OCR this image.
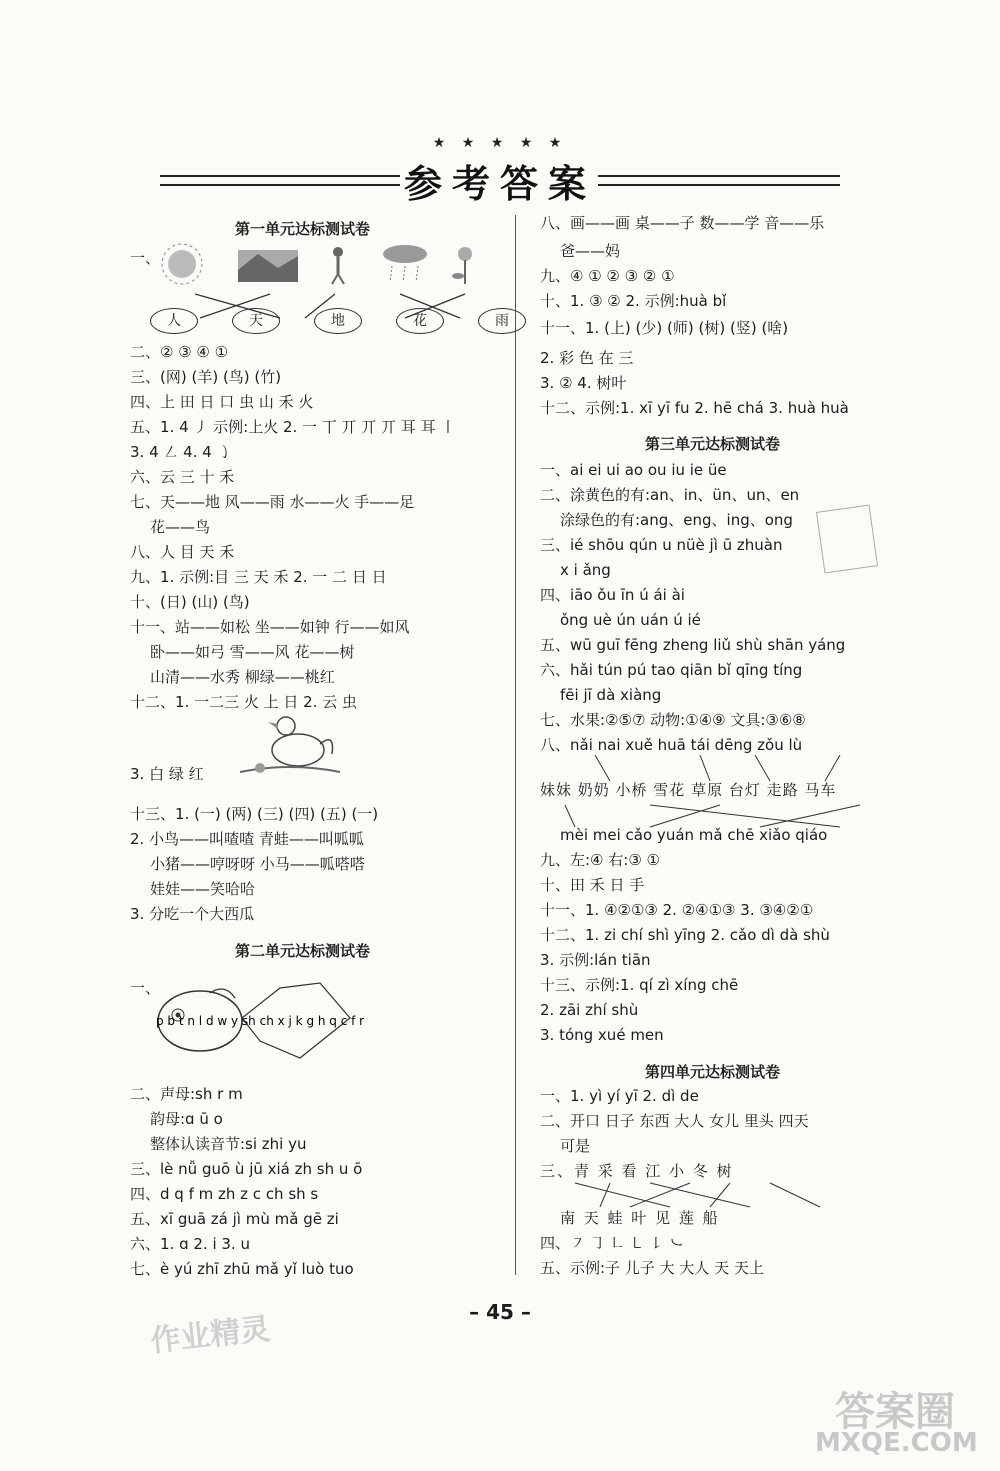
★ ★ ★ ★ ★
参考答案
第一单元达标测试卷
一、
人	天	地	花	雨
二、② ③ ④ ①
三、(网) (羊) (鸟) (竹)
四、上 田 日 口 虫 山 禾 火
五、1. 4 ㇓ 示例:上火 2. 一 丅 丌 丌 丌 耳 耳 ㇑
3. 4 ㇜ 4. 4 ㇁
六、云 三 十 禾
七、天——地 风——雨 水——火 手——足
花——鸟
八、人 目 天 禾
九、1. 示例:目 三 天 禾 2. 一 二 日 日
十、(日) (山) (鸟)
十一、站——如松 坐——如钟 行——如风
卧——如弓 雪——风 花——树
山清——水秀 柳绿——桃红
十二、1. 一二三 火 上 日 2. 云 虫
3. 白 绿 红
十三、1. (一) (两) (三) (四) (五) (一)
2. 小鸟——叫喳喳 青蛙——叫呱呱
小猪——哼呀呀 小马——呱嗒嗒
娃娃——笑哈哈
3. 分吃一个大西瓜
第二单元达标测试卷
一、
p b t n l d w y sh ch x j k g h q c f r
二、声母:sh r m
韵母:ɑ ū o
整体认读音节:si zhi yu
三、lè nǚ guō ù jū xiá zh sh u ō
四、d q f m zh z c ch sh s
五、xī guā zá jì mù mǎ gē zi
六、1. ɑ 2. i 3. u
七、è yú zhī zhū mǎ yǐ luò tuo
八、画——画 桌——子 数——学 音——乐
爸——妈
九、④ ① ② ③ ② ①
十、1. ③ ② 2. 示例:huà bǐ
十一、1. (上) (少) (师) (树) (竖) (啥)
2. 彩 色 在 三
3. ② 4. 树叶
十二、示例:1. xī yī fu 2. hē chá 3. huà huà
第三单元达标测试卷
一、ai ei ui ao ou iu ie üe
二、涂黄色的有:an、in、ün、un、en
涂绿色的有:ang、eng、ing、ong
三、ié shōu qún u nüè jì ū zhuàn
x i ǎng
四、iāo ǒu īn ú ái ài
ǒng uè ún uán ú ié
五、wū guī fēng zheng liǔ shù shān yáng
六、hǎi tún pú tao qiān bǐ qīng tíng
fēi jī dà xiàng
七、水果:②⑤⑦ 动物:①④⑨ 文具:③⑥⑧
八、nǎi nai xuě huā tái dēng zǒu lù
妹妹 奶奶 小桥 雪花 草原 台灯 走路 马车
mèi mei cǎo yuán mǎ chē xiǎo qiáo
九、左:④ 右:③ ①
十、田 禾 日 手
十一、1. ④②①③ 2. ②④①③ 3. ③④②①
十二、1. zi chí shì yīng 2. cǎo dì dà shù
3. 示例:lán tiān
十三、示例:1. qí zì xíng chē
2. zāi zhí shù
3. tóng xué men
第四单元达标测试卷
一、1. yì yí yī 2. dì de
二、开口 日子 东西 大人 女儿 里头 四天
可是
三、青 采 看 江 小 冬 树
南 天 蛙 叶 见 莲 船
四、㇇ ㇆ ㇗ ㇄ ㇙ ㇃
五、示例:子 儿子 大 大人 天 天上
– 45 –
作业精灵
答案圈
MXQE.COM
